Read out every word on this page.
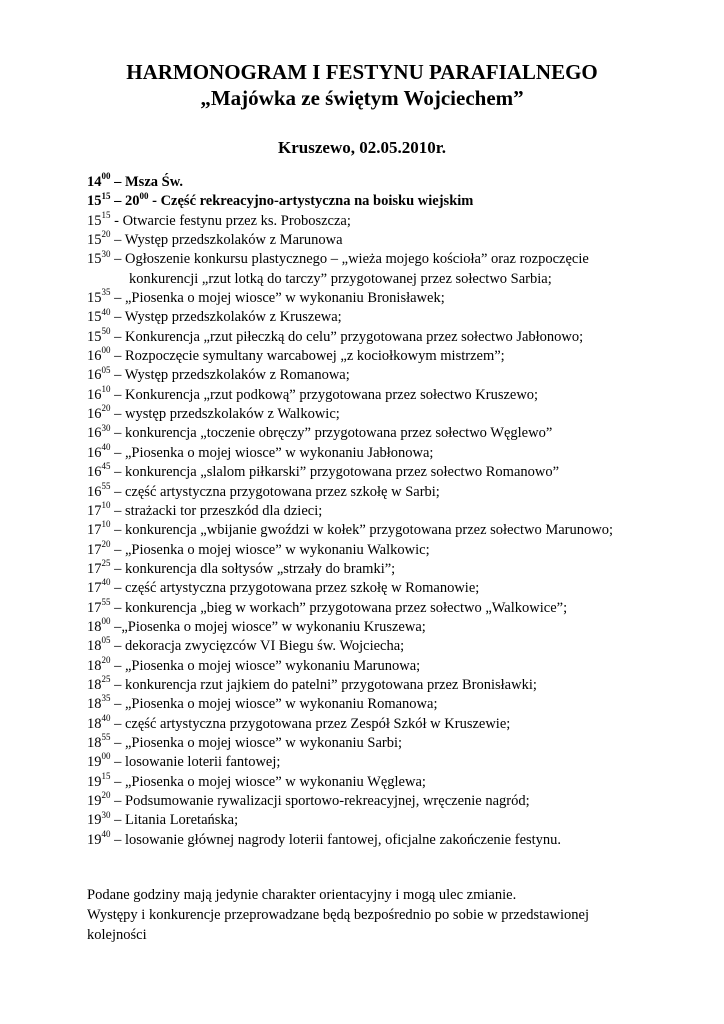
HARMONOGRAM I FESTYNU PARAFIALNEGO
„Majówka ze świętym Wojciechem”

Kruszewo, 02.05.2010r.

$14^{00}$ – Msza Św.
$15^{15} - 20^{00}$ - Część rekreacyjno-artystyczna na boisku wiejskim
$15^{15}$ - Otwarcie festynu przez ks. Proboszcza;
$15^{20}$ – Występ przedszkolaków z Marunowa
$15^{30}$ – Ogłoszenie konkursu plastycznego – „wieża mojego kościoła” oraz rozpoczęcie
konkurencji „rzut lotką do tarczy” przygotowanej przez sołectwo Sarbia;
$15^{35}$ – „Piosenka o mojej wiosce” w wykonaniu Bronisławek;
$15^{40}$ – Występ przedszkolaków z Kruszewa;
$15^{50}$ – Konkurencja „rzut piłeczką do celu” przygotowana przez sołectwo Jabłonowo;
$16^{00}$ – Rozpoczęcie symultany warcabowej „z kociołkowym mistrzem”;
$16^{05}$ – Występ przedszkolaków z Romanowa;
$16^{10}$ – Konkurencja „rzut podkową” przygotowana przez sołectwo Kruszewo;
$16^{20}$ – występ przedszkolaków z Walkowic;
$16^{30}$ – konkurencja „toczenie obręczy” przygotowana przez sołectwo Węglewo”
$16^{40}$ – „Piosenka o mojej wiosce” w wykonaniu Jabłonowa;
$16^{45}$ – konkurencja „slalom piłkarski” przygotowana przez sołectwo Romanowo”
$16^{55}$ – część artystyczna przygotowana przez szkołę w Sarbi;
$17^{10}$ – strażacki tor przeszkód dla dzieci;
$17^{10}$ – konkurencja „wbijanie gwoździ w kołek” przygotowana przez sołectwo Marunowo;
$17^{20}$ – „Piosenka o mojej wiosce” w wykonaniu Walkowic;
$17^{25}$ – konkurencja dla sołtysów „strzały do bramki”;
$17^{40}$ – część artystyczna przygotowana przez szkołę w Romanowie;
$17^{55}$ – konkurencja „bieg w workach” przygotowana przez sołectwo „Walkowice”;
$18^{00}$ –„Piosenka o mojej wiosce” w wykonaniu Kruszewa;
$18^{05}$ – dekoracja zwycięzców VI Biegu św. Wojciecha;
$18^{20}$ – „Piosenka o mojej wiosce” wykonaniu Marunowa;
$18^{25}$ – konkurencja rzut jajkiem do patelni” przygotowana przez Bronisławki;
$18^{35}$ – „Piosenka o mojej wiosce” w wykonaniu Romanowa;
$18^{40}$ – część artystyczna przygotowana przez Zespół Szkół w Kruszewie;
$18^{55}$ – „Piosenka o mojej wiosce” w wykonaniu Sarbi;
$19^{00}$ – losowanie loterii fantowej;
$19^{15}$ – „Piosenka o mojej wiosce” w wykonaniu Węglewa;
$19^{20}$ – Podsumowanie rywalizacji sportowo-rekreacyjnej, wręczenie nagród;
$19^{30}$ – Litania Loretańska;
$19^{40}$ – losowanie głównej nagrody loterii fantowej, oficjalne zakończenie festynu.

Podane godziny mają jedynie charakter orientacyjny i mogą ulec zmianie.

Występy i konkurencje przeprowadzane będą bezpośrednio po sobie w przedstawionej

kolejności
